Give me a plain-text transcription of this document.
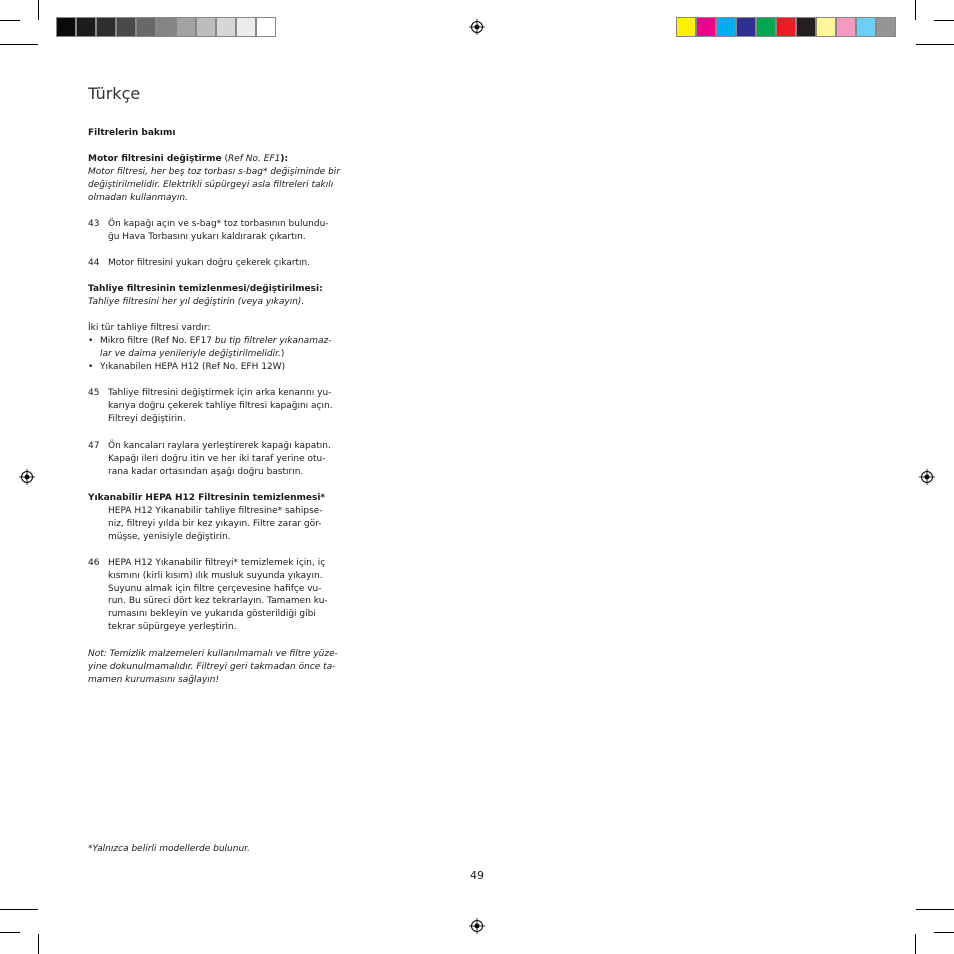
Türkçe
Filtrelerin bakımı
Motor filtresini değiştirme (Ref No. EF1):
Motor filtresi, her beş toz torbası s-bag* değişiminde bir
değiştirilmelidir. Elektrikli süpürgeyi asla filtreleri takılı
olmadan kullanmayın.
43 Ön kapağı açın ve s-bag* toz torbasının bulundu-
ğu Hava Torbasını yukarı kaldırarak çıkartın.
44 Motor filtresini yukarı doğru çekerek çıkartın.
Tahliye filtresinin temizlenmesi/değiştirilmesi:
Tahliye filtresini her yıl değiştirin (veya yıkayın).
İki tür tahliye filtresi vardır:
• Mikro filtre (Ref No. EF17 bu tip filtreler yıkanamaz-
lar ve daima yenileriyle değiştirilmelidir.)
• Yıkanabilen HEPA H12 (Ref No. EFH 12W)
45 Tahliye filtresini değiştirmek için arka kenarını yu-
karıya doğru çekerek tahliye filtresi kapağını açın.
Filtreyi değiştirin.
47 Ön kancaları raylara yerleştirerek kapağı kapatın.
Kapağı ileri doğru itin ve her iki taraf yerine otu-
rana kadar ortasından aşağı doğru bastırın.
Yıkanabilir HEPA H12 Filtresinin temizlenmesi*
HEPA H12 Yıkanabilir tahliye filtresine* sahipse-
niz, filtreyi yılda bir kez yıkayın. Filtre zarar gör-
müşse, yenisiyle değiştirin.
46 HEPA H12 Yıkanabilir filtreyi* temizlemek için, iç
kısmını (kirli kısım) ılık musluk suyunda yıkayın.
Suyunu almak için filtre çerçevesine hafifçe vu-
run. Bu süreci dört kez tekrarlayın. Tamamen ku-
rumasını bekleyin ve yukarıda gösterildiği gibi
tekrar süpürgeye yerleştirin.
Not: Temizlik malzemeleri kullanılmamalı ve filtre yüze-
yine dokunulmamalıdır. Filtreyi geri takmadan önce ta-
mamen kurumasını sağlayın!
*Yalnızca belirli modellerde bulunur.
49
